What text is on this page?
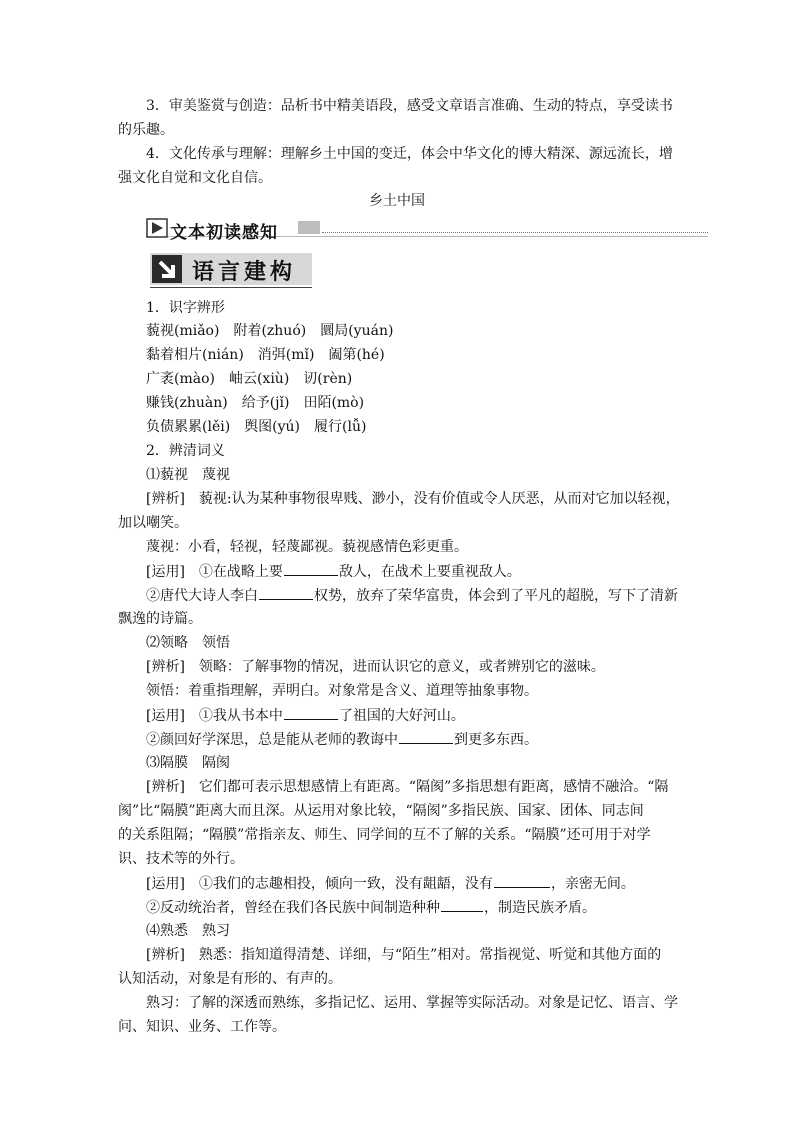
3．审美鉴赏与创造：品析书中精美语段，感受文章语言准确、生动的特点，享受读书
的乐趣。
4．文化传承与理解：理解乡土中国的变迁，体会中华文化的博大精深、源远流长，增
强文化自觉和文化自信。
乡土中国
文本初读感知
语言建构
1．识字辨形
藐视(miǎo)　附着(zhuó)　圜局(yuán)
黏着相片(nián)　消弭(mǐ)　阖第(hé)
广袤(mào)　岫云(xiù)　讱(rèn)
赚钱(zhuàn)　给予(jǐ)　田陌(mò)
负债累累(lěi)　舆图(yú)　履行(lǚ)
2．辨清词义
⑴藐视　蔑视
[辨析]　藐视:认为某种事物很卑贱、渺小，没有价值或令人厌恶，从而对它加以轻视，
加以嘲笑。
蔑视：小看，轻视，轻蔑鄙视。藐视感情色彩更重。
[运用]　①在战略上要	敌人，在战术上要重视敌人。
②唐代大诗人李白	权势，放弃了荣华富贵，体会到了平凡的超脱，写下了清新
飘逸的诗篇。
⑵领略　领悟
[辨析]　领略：了解事物的情况，进而认识它的意义，或者辨别它的滋味。
领悟：着重指理解，弄明白。对象常是含义、道理等抽象事物。
[运用]　①我从书本中	了祖国的大好河山。
②颜回好学深思，总是能从老师的教诲中	到更多东西。
⑶隔膜　隔阂
[辨析]　它们都可表示思想感情上有距离。“隔阂”多指思想有距离，感情不融洽。“隔
阂”比“隔膜”距离大而且深。从运用对象比较，“隔阂”多指民族、国家、团体、同志间
的关系阻隔；“隔膜”常指亲友、师生、同学间的互不了解的关系。“隔膜”还可用于对学
识、技术等的外行。
[运用]　①我们的志趣相投，倾向一致，没有龃龉，没有	，亲密无间。
②反动统治者，曾经在我们各民族中间制造种种	，制造民族矛盾。
⑷熟悉　熟习
[辨析]　熟悉：指知道得清楚、详细，与“陌生”相对。常指视觉、听觉和其他方面的
认知活动，对象是有形的、有声的。
熟习：了解的深透而熟练，多指记忆、运用、掌握等实际活动。对象是记忆、语言、学
问、知识、业务、工作等。
